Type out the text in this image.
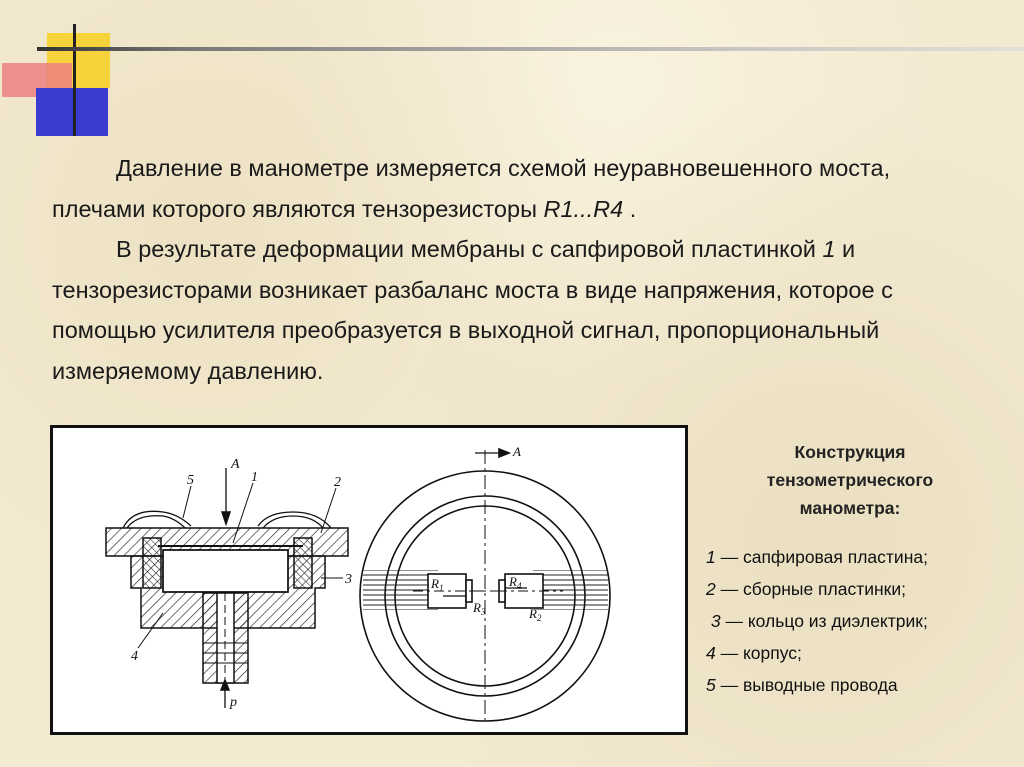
Давление в манометре измеряется схемой неуравновешенного моста, плечами которого являются тензорезисторы R1...R4 .

В результате деформации мембраны с сапфировой пластинкой 1 и тензорезисторами возникает разбаланс моста в виде напряжения, которое с помощью усилителя преобразуется в выходной сигнал, пропорциональный измеряемому давлению.

A
5	1	2
3
4
p
A
$R_1$
$R_3$
$R_4$
$R_2$
Конструкция
тензометрического
манометра:
1 — сапфировая пластина;
2 — сборные пластинки;
3 — кольцо из диэлектрик;
4 — корпус;
5 — выводные провода
